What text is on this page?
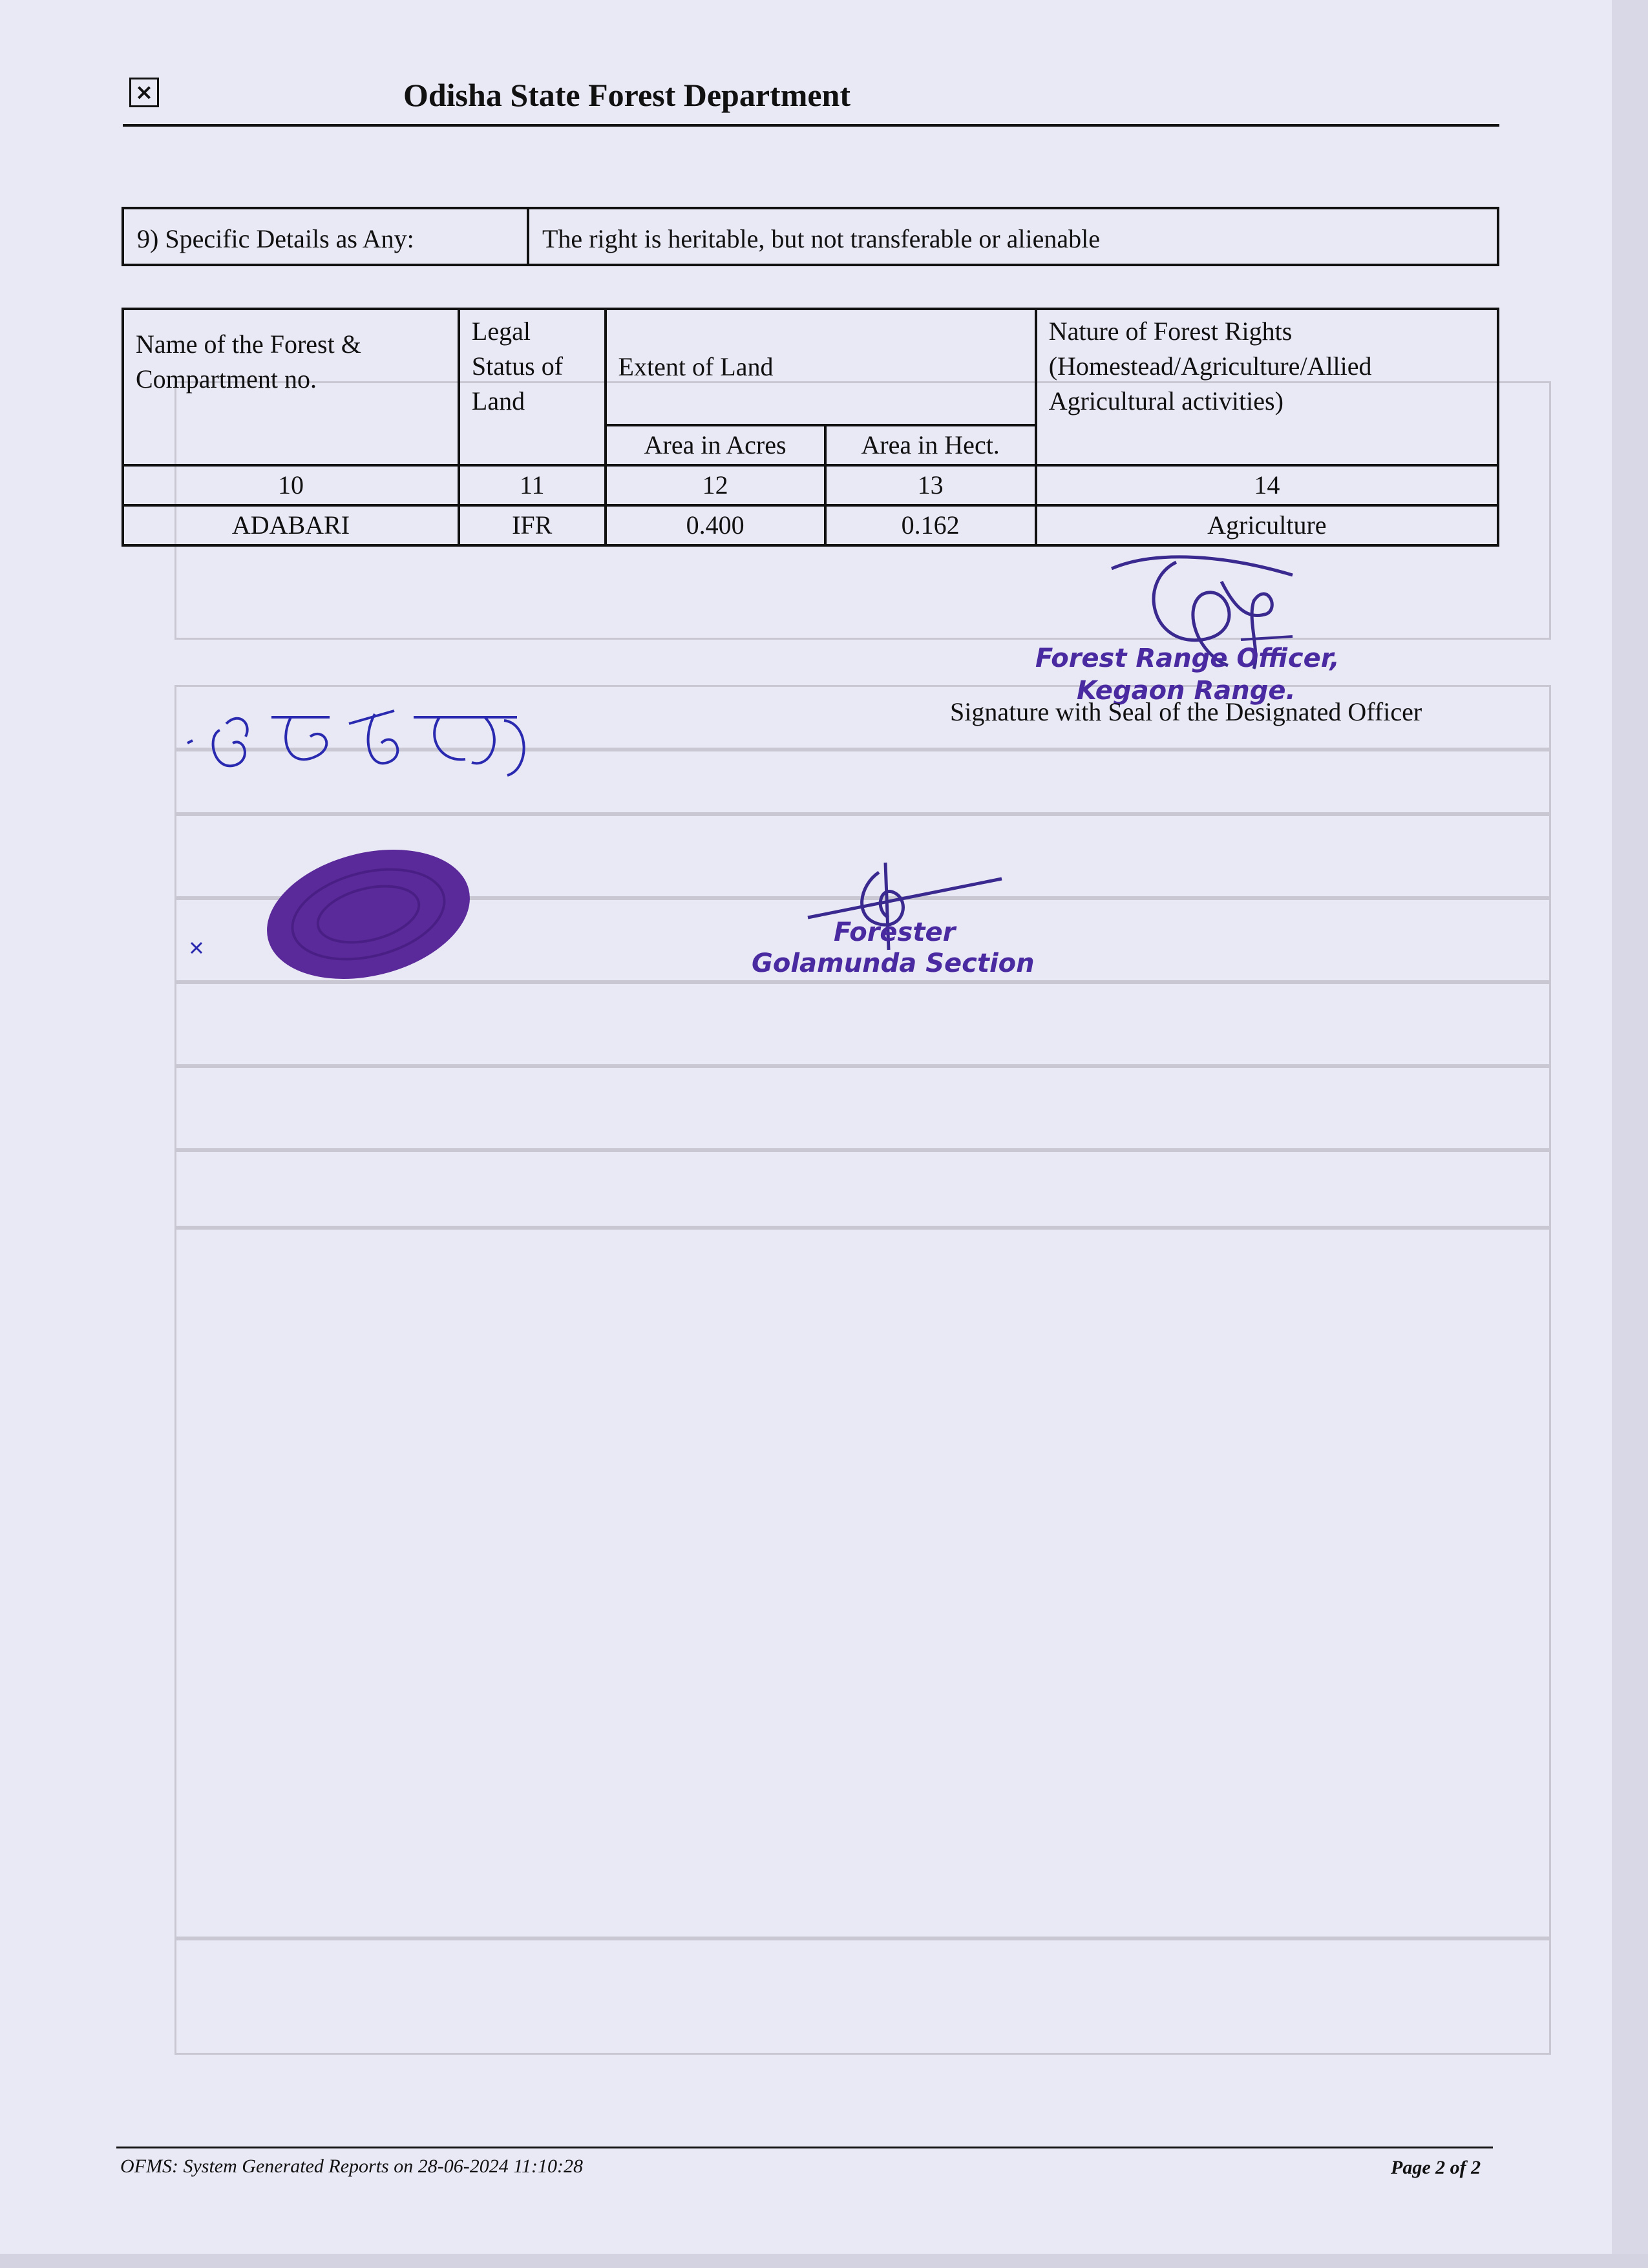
×	Odisha State Forest Department
9) Specific Details as Any:	The right is heritable, but not transferable or alienable
Name of the Forest & Compartment no.	Legal Status of Land	Extent of Land		Nature of Forest Rights (Homestead/Agriculture/Allied Agricultural activities)
		Area in Acres	Area in Hect.	
10	11	12	13	14
ADABARI	IFR	0.400	0.162	Agriculture
Forest Range Officer,
Kegaon Range.
Signature with Seal of the Designated Officer
Forester
Golamunda Section
OFMS: System Generated Reports on 28-06-2024 11:10:28	Page 2 of 2
